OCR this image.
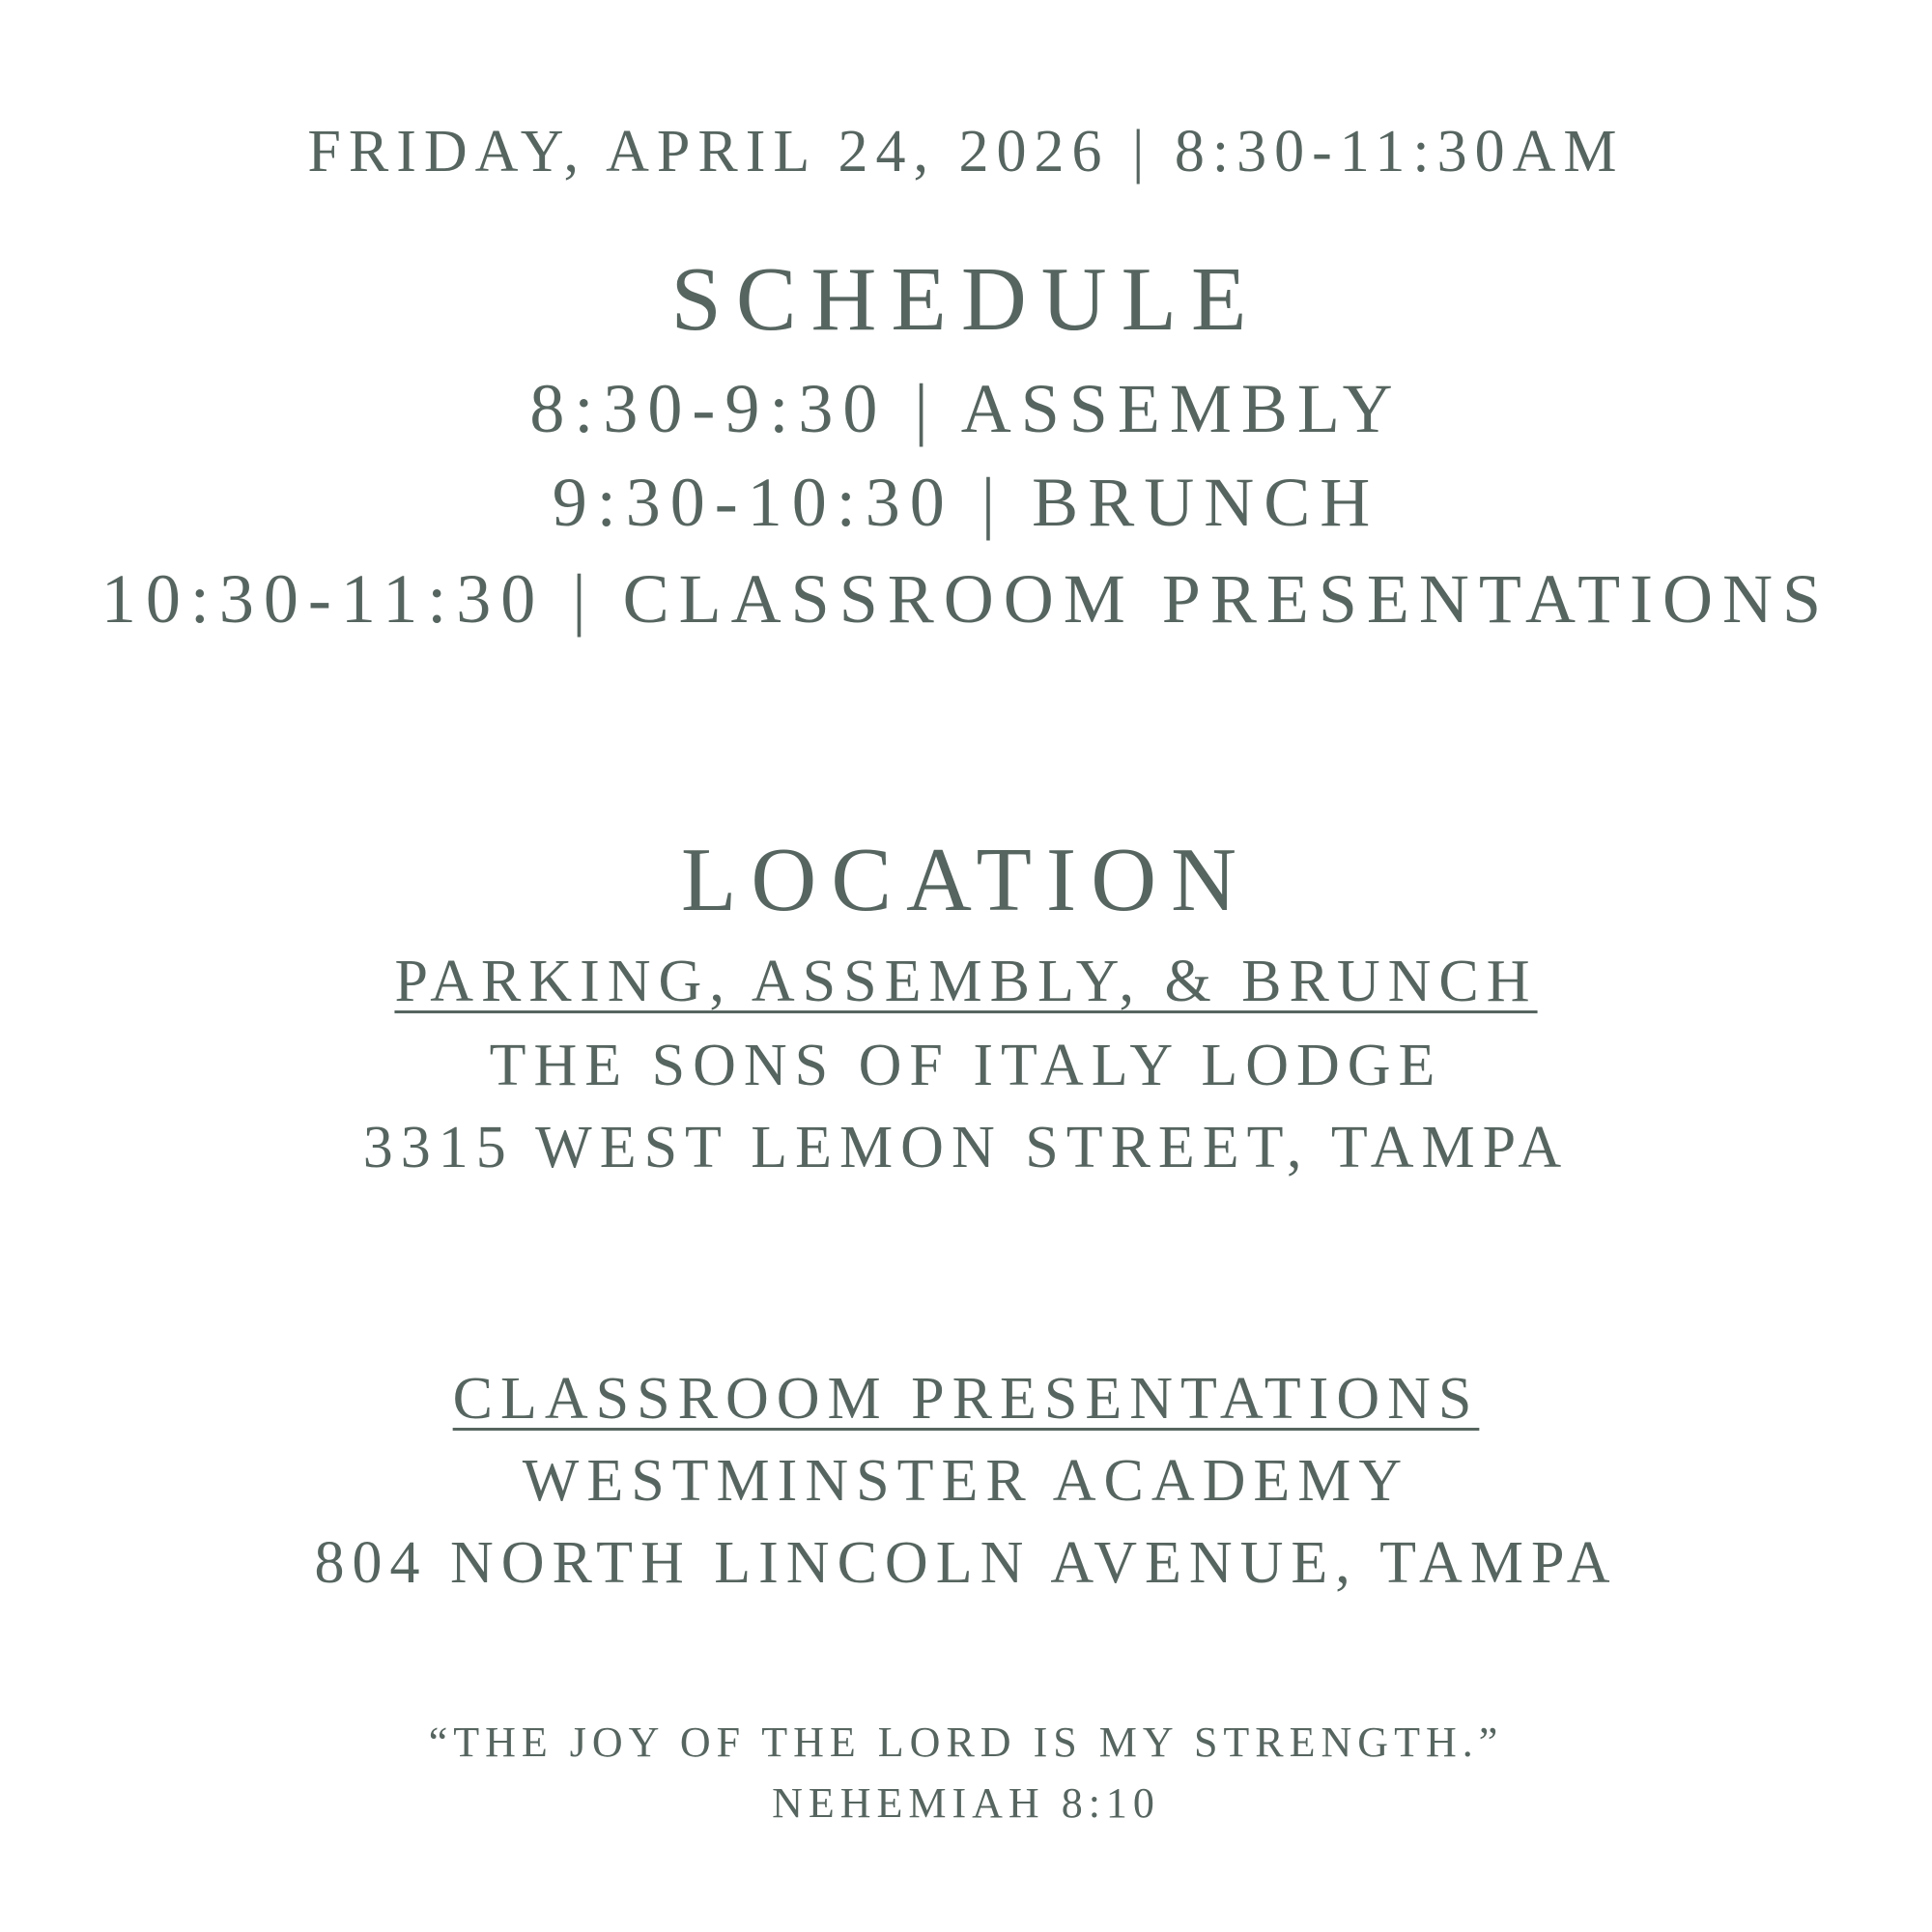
FRIDAY, APRIL 24, 2026 | 8:30-11:30AM
SCHEDULE
8:30-9:30 | ASSEMBLY
9:30-10:30 | BRUNCH
10:30-11:30 | CLASSROOM PRESENTATIONS
LOCATION
PARKING, ASSEMBLY, & BRUNCH
THE SONS OF ITALY LODGE
3315 WEST LEMON STREET, TAMPA
CLASSROOM PRESENTATIONS
WESTMINSTER ACADEMY
804 NORTH LINCOLN AVENUE, TAMPA
“THE JOY OF THE LORD IS MY STRENGTH.”
NEHEMIAH 8:10
